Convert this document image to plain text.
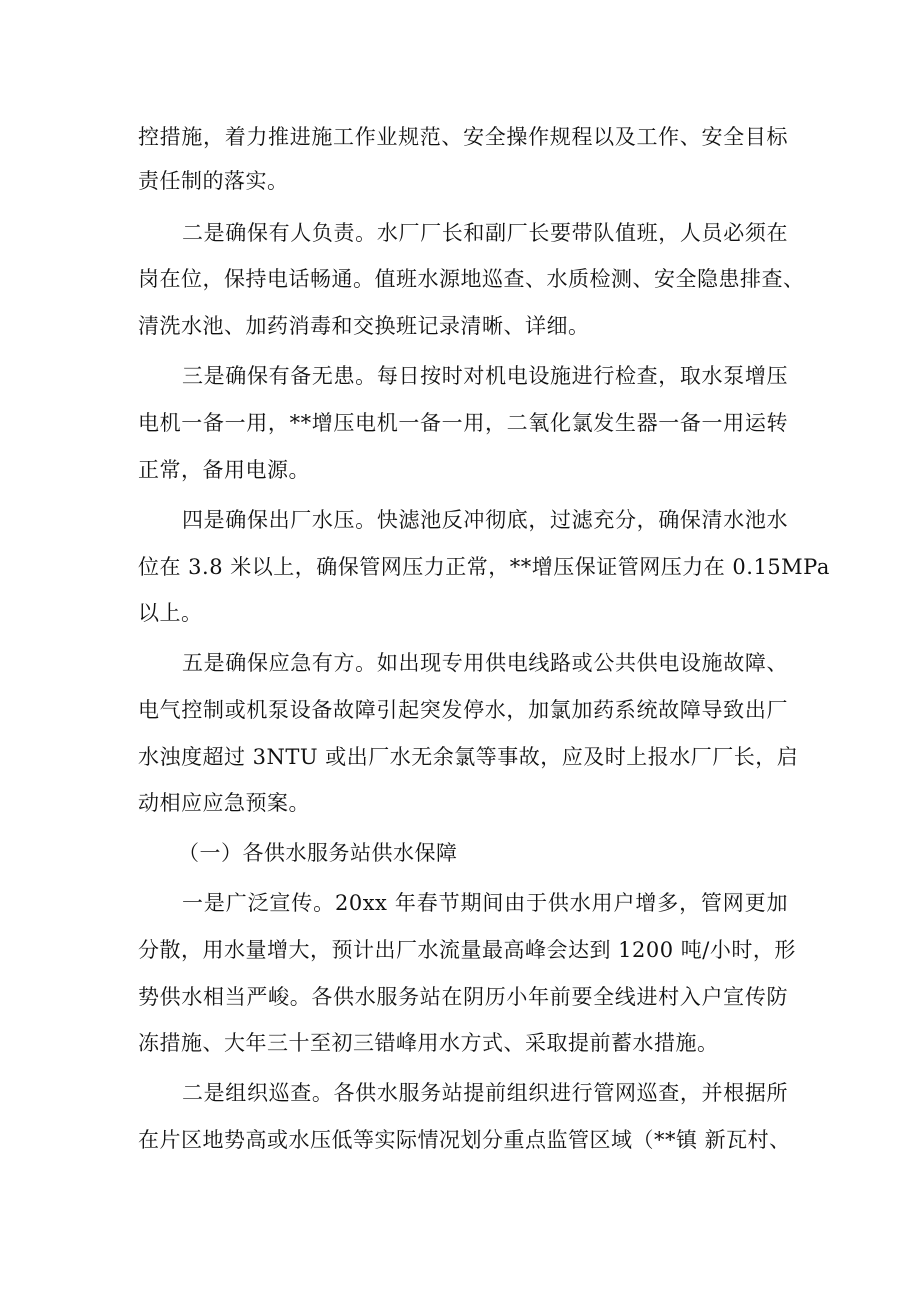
控措施，着力推进施工作业规范、安全操作规程以及工作、安全目标
责任制的落实。
二是确保有人负责。水厂厂长和副厂长要带队值班，人员必须在
岗在位，保持电话畅通。值班水源地巡查、水质检测、安全隐患排查、
清洗水池、加药消毒和交换班记录清晰、详细。
三是确保有备无患。每日按时对机电设施进行检查，取水泵增压
电机一备一用，**增压电机一备一用，二氧化氯发生器一备一用运转
正常，备用电源。
四是确保出厂水压。快滤池反冲彻底，过滤充分，确保清水池水
位在 3.8 米以上，确保管网压力正常，**增压保证管网压力在 0.15MPa
以上。
五是确保应急有方。如出现专用供电线路或公共供电设施故障、
电气控制或机泵设备故障引起突发停水，加氯加药系统故障导致出厂
水浊度超过 3NTU 或出厂水无余氯等事故，应及时上报水厂厂长，启
动相应应急预案。
（一）各供水服务站供水保障
一是广泛宣传。20xx 年春节期间由于供水用户增多，管网更加
分散，用水量增大，预计出厂水流量最高峰会达到 1200 吨/小时，形
势供水相当严峻。各供水服务站在阴历小年前要全线进村入户宣传防
冻措施、大年三十至初三错峰用水方式、采取提前蓄水措施。
二是组织巡查。各供水服务站提前组织进行管网巡查，并根据所
在片区地势高或水压低等实际情况划分重点监管区域（**镇 新瓦村、
